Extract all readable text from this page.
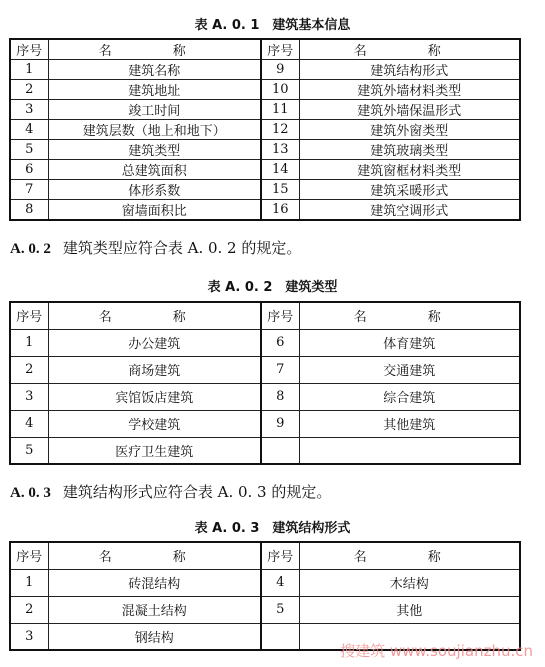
表 A. 0. 1　建筑基本信息
序号	名　称	序号	名　称
1	建筑名称	9	建筑结构形式
2	建筑地址	10	建筑外墙材料类型
3	竣工时间	11	建筑外墙保温形式
4	建筑层数（地上和地下）	12	建筑外窗类型
5	建筑类型	13	建筑玻璃类型
6	总建筑面积	14	建筑窗框材料类型
7	体形系数	15	建筑采暖形式
8	窗墙面积比	16	建筑空调形式
A. 0. 2 建筑类型应符合表 A. 0. 2 的规定。
表 A. 0. 2　建筑类型
序号	名　称	序号	名　称
1	办公建筑	6	体育建筑
2	商场建筑	7	交通建筑
3	宾馆饭店建筑	8	综合建筑
4	学校建筑	9	其他建筑
5	医疗卫生建筑		
A. 0. 3 建筑结构形式应符合表 A. 0. 3 的规定。
表 A. 0. 3　建筑结构形式
序号	名　称	序号	名　称
1	砖混结构	4	木结构
2	混凝土结构	5	其他
3	钢结构		
搜建筑 www.soujianzhu.cn
